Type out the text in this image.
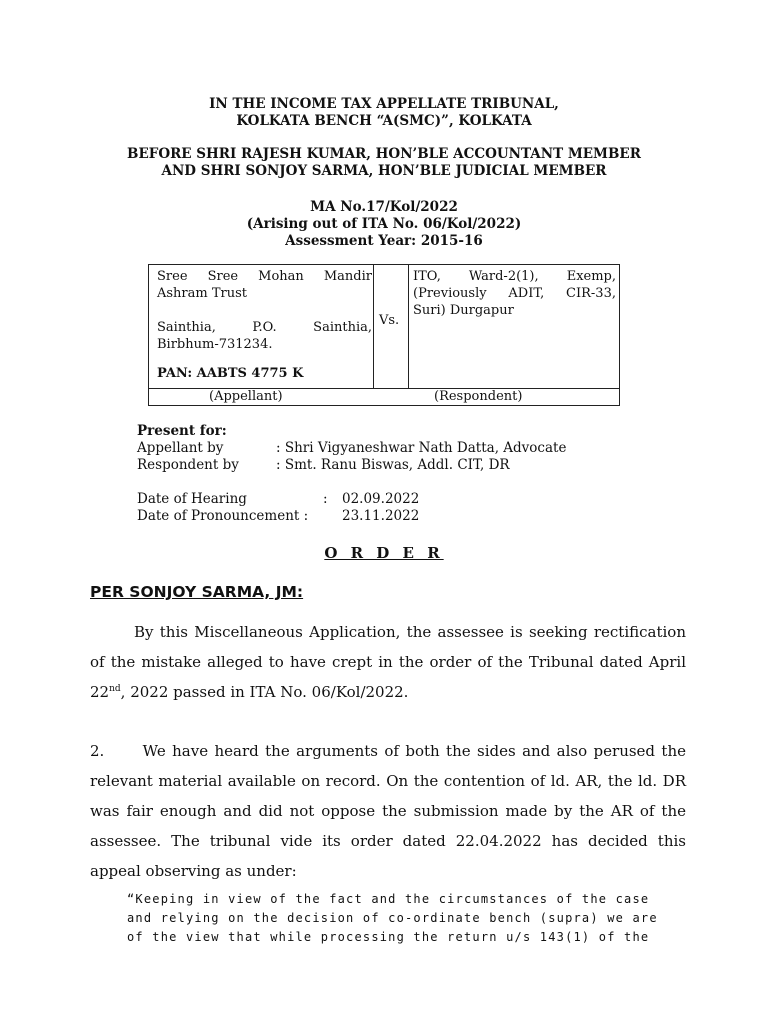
IN THE INCOME TAX APPELLATE TRIBUNAL,
KOLKATA BENCH “A(SMC)”, KOLKATA
BEFORE SHRI RAJESH KUMAR, HON’BLE ACCOUNTANT MEMBER
AND SHRI SONJOY SARMA, HON’BLE JUDICIAL MEMBER
MA No.17/Kol/2022
(Arising out of ITA No. 06/Kol/2022)
Assessment Year: 2015-16
Sree Sree Mohan Mandir
Ashram Trust
Sainthia, P.O. Sainthia,
Birbhum-731234.
PAN: AABTS 4775 K
Vs.
ITO, Ward-2(1), Exemp,
(Previously ADIT, CIR-33,
Suri) Durgapur
(Appellant)	(Respondent)
Present for:
Appellant by	: Shri Vigyaneshwar Nath Datta, Advocate
Respondent by	: Smt. Ranu Biswas, Addl. CIT, DR
Date of Hearing	: 02.09.2022
Date of Pronouncement :	23.11.2022
O R D E R
PER SONJOY SARMA, JM:
By this Miscellaneous Application, the assessee is seeking rectification
of the mistake alleged to have crept in the order of the Tribunal dated April
22nd, 2022 passed in ITA No. 06/Kol/2022.
2.      We have heard the arguments of both the sides and also perused the
relevant material available on record. On the contention of ld. AR, the ld. DR
was fair enough and did not oppose the submission made by the AR of the
assessee. The tribunal vide its order dated 22.04.2022 has decided this
appeal observing as under:
“Keeping in view of the fact and the circumstances of the case
and relying on the decision of co-ordinate bench (supra) we are
of the view that while processing the return u/s 143(1) of the
